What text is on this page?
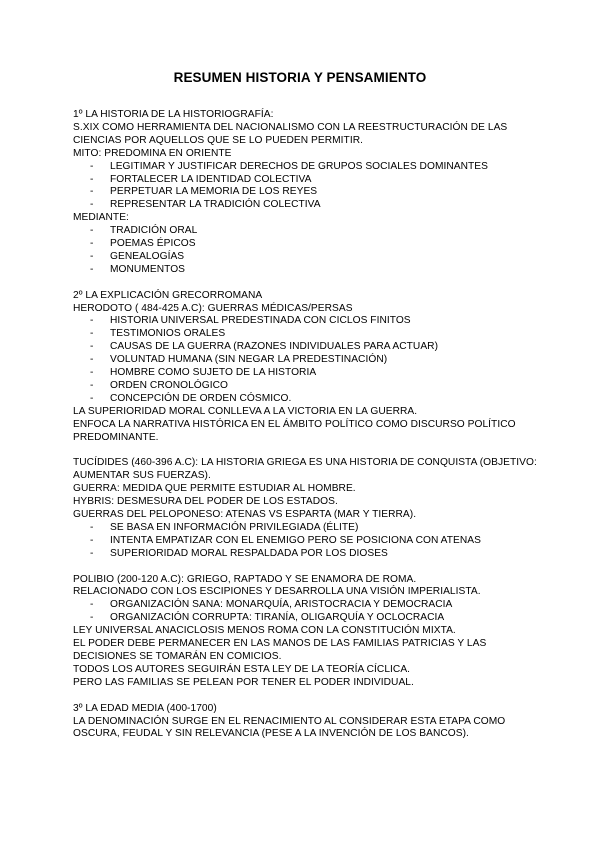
RESUMEN HISTORIA Y PENSAMIENTO

1º LA HISTORIA DE LA HISTORIOGRAFÍA:

S.XIX COMO HERRAMIENTA DEL NACIONALISMO CON LA REESTRUCTURACIÓN DE LAS CIENCIAS POR AQUELLOS QUE SE LO PUEDEN PERMITIR.

MITO: PREDOMINA EN ORIENTE

- LEGITIMAR Y JUSTIFICAR DERECHOS DE GRUPOS SOCIALES DOMINANTES
- FORTALECER LA IDENTIDAD COLECTIVA
- PERPETUAR LA MEMORIA DE LOS REYES
- REPRESENTAR LA TRADICIÓN COLECTIVA

MEDIANTE:

- TRADICIÓN ORAL
- POEMAS ÉPICOS
- GENEALOGÍAS
- MONUMENTOS

2º LA EXPLICACIÓN GRECORROMANA

HERODOTO ( 484-425 A.C): GUERRAS MÉDICAS/PERSAS

- HISTORIA UNIVERSAL PREDESTINADA CON CICLOS FINITOS
- TESTIMONIOS ORALES
- CAUSAS DE LA GUERRA (RAZONES INDIVIDUALES PARA ACTUAR)
- VOLUNTAD HUMANA (SIN NEGAR LA PREDESTINACIÓN)
- HOMBRE COMO SUJETO DE LA HISTORIA
- ORDEN CRONOLÓGICO
- CONCEPCIÓN DE ORDEN CÓSMICO.

LA SUPERIORIDAD MORAL CONLLEVA A LA VICTORIA EN LA GUERRA.

ENFOCA LA NARRATIVA HISTÓRICA EN EL ÁMBITO POLÍTICO COMO DISCURSO POLÍTICO PREDOMINANTE.

TUCÍDIDES (460-396 A.C): LA HISTORIA GRIEGA ES UNA HISTORIA DE CONQUISTA (OBJETIVO: AUMENTAR SUS FUERZAS).

GUERRA: MEDIDA QUE PERMITE ESTUDIAR AL HOMBRE.

HYBRIS: DESMESURA DEL PODER DE LOS ESTADOS.

GUERRAS DEL PELOPONESO: ATENAS VS ESPARTA (MAR Y TIERRA).

- SE BASA EN INFORMACIÓN PRIVILEGIADA (ÉLITE)
- INTENTA EMPATIZAR CON EL ENEMIGO PERO SE POSICIONA CON ATENAS
- SUPERIORIDAD MORAL RESPALDADA POR LOS DIOSES

POLIBIO (200-120 A.C): GRIEGO, RAPTADO Y SE ENAMORA DE ROMA.

RELACIONADO CON LOS ESCIPIONES Y DESARROLLA UNA VISIÓN IMPERIALISTA.

- ORGANIZACIÓN SANA: MONARQUÍA, ARISTOCRACIA Y DEMOCRACIA
- ORGANIZACIÓN CORRUPTA: TIRANÍA, OLIGARQUÍA Y OCLOCRACIA

LEY UNIVERSAL ANACICLOSIS MENOS ROMA CON LA CONSTITUCIÓN MIXTA.

EL PODER DEBE PERMANECER EN LAS MANOS DE LAS FAMILIAS PATRICIAS Y LAS DECISIONES SE TOMARÁN EN COMICIOS.

TODOS LOS AUTORES SEGUIRÁN ESTA LEY DE LA TEORÍA CÍCLICA.

PERO LAS FAMILIAS SE PELEAN POR TENER EL PODER INDIVIDUAL.

3º LA EDAD MEDIA (400-1700)

LA DENOMINACIÓN SURGE EN EL RENACIMIENTO AL CONSIDERAR ESTA ETAPA COMO OSCURA, FEUDAL Y SIN RELEVANCIA (PESE A LA INVENCIÓN DE LOS BANCOS).
